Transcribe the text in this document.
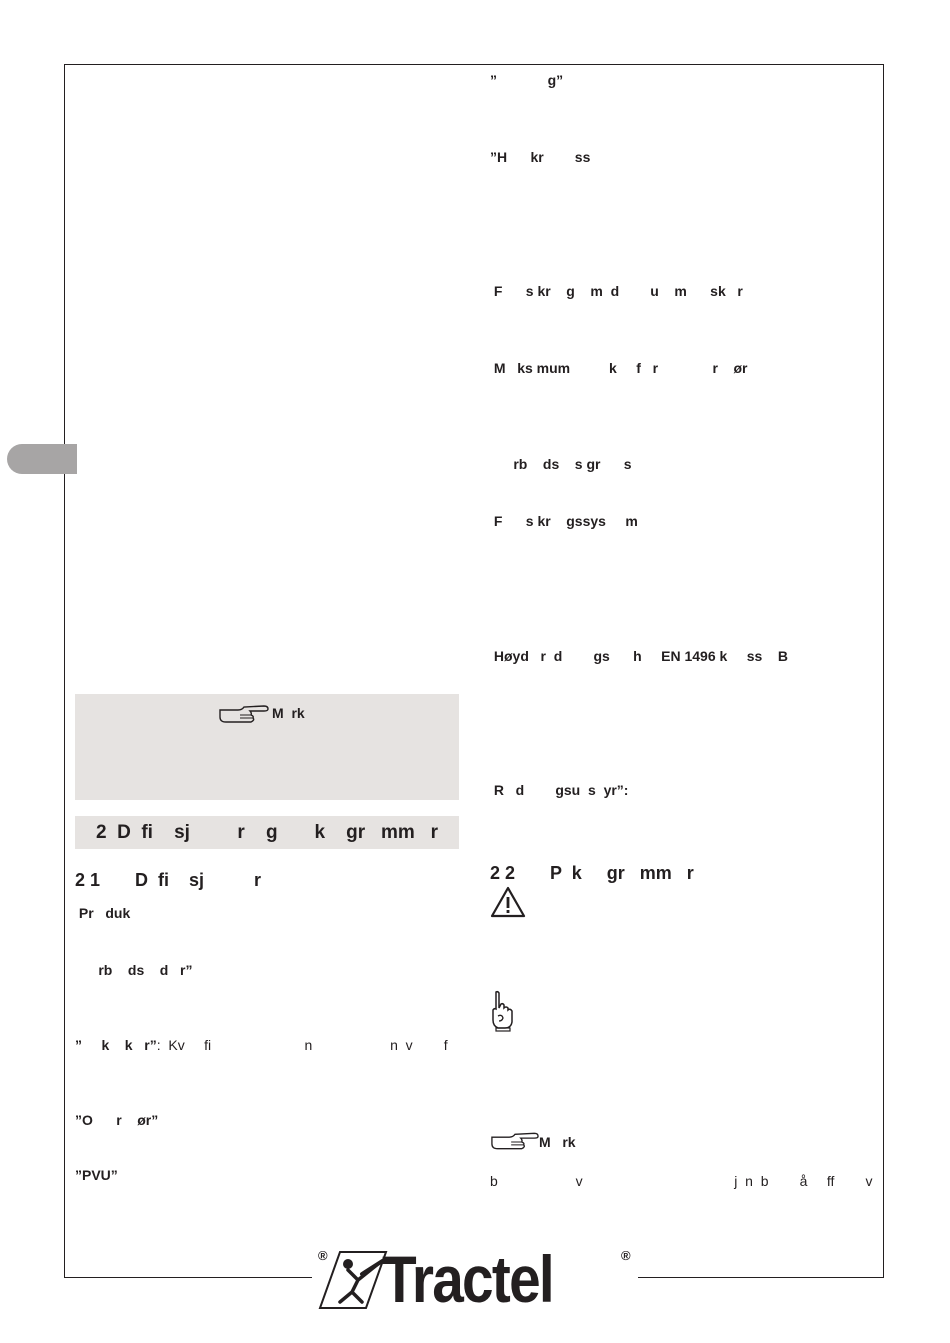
M  rk
2  D  fi    sj         r    g       k    gr   mm   r
2 1       D  fi    sj          r
Pr   duk
rb    ds    d   r”
”     k    k   r”:  Kv     fi                        n                    n  v        f
”O      r    ør”
”PVU”
”             g”
”H      kr        ss
F      s kr    g    m  d        u    m      sk   r
M   ks mum          k     f   r              r    ør
rb    ds    s gr      s
F      s kr    gssys     m
Høyd   r  d        gs      h     EN 1496 k     ss    B
R   d        gsu  s  yr”:
2 2       P  k     gr   mm   r
M   rk
b                    v                                       j  n  b        å     ff        v
® Tractel	®
